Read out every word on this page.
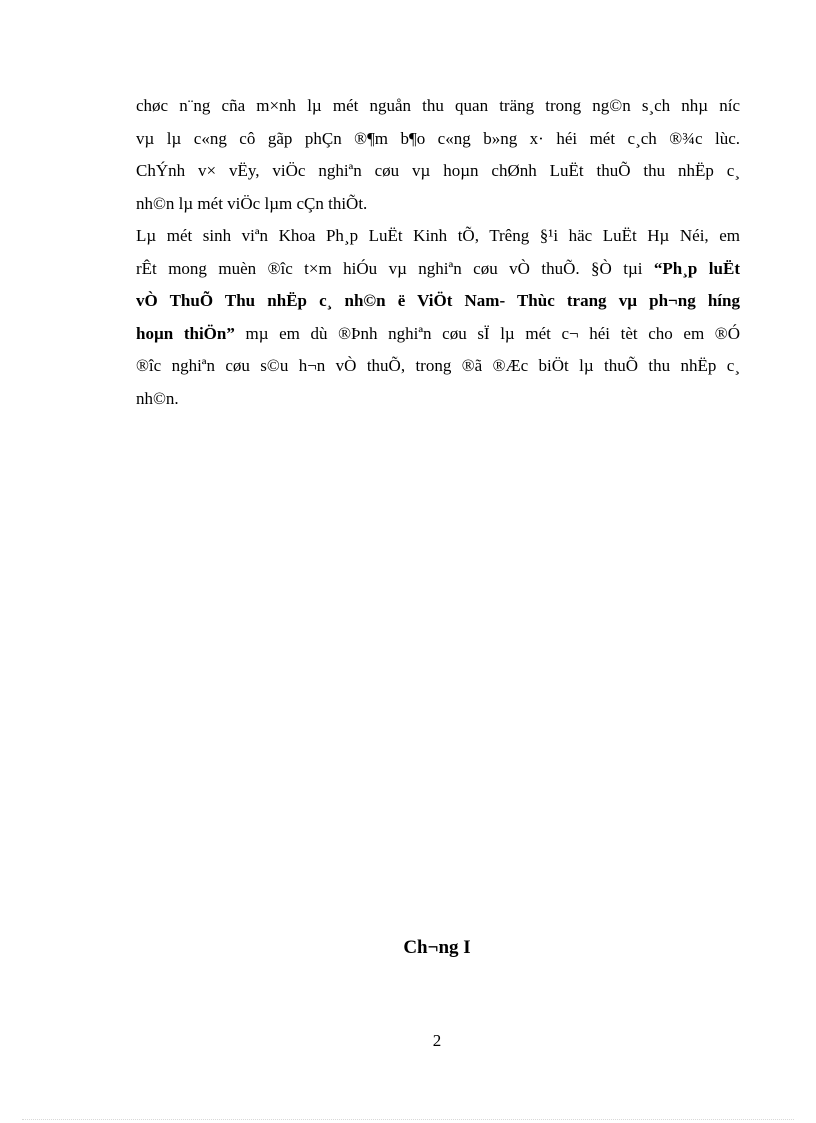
chøc n¨ng cña m×nh lµ mét nguån thu quan träng trong ng©n s¸ch nhµ níc
vµ lµ c«ng cô gãp phÇn ®¶m b¶o c«ng b»ng x· héi mét c¸ch ®¾c lùc.
ChÝnh v× vËy, viÖc nghiªn cøu vµ hoµn chØnh LuËt thuÕ thu nhËp c¸
nh©n lµ mét viÖc lµm cÇn thiÕt.

Lµ mét sinh viªn Khoa Ph¸p LuËt Kinh tÕ, Trêng §¹i häc LuËt Hµ Néi, em
rÊt mong muèn ®îc t×m hiÓu vµ nghiªn cøu vÒ thuÕ. §Ò tµi “Ph¸p luËt
vÒ ThuÕ Thu nhËp c¸ nh©n ë ViÖt Nam- Thùc trang vµ ph¬ng híng
hoµn thiÖn” mµ em dù ®Þnh nghiªn cøu sÏ lµ mét c¬ héi tèt cho em ®Ó
®îc nghiªn cøu s©u h¬n vÒ thuÕ, trong ®ã ®Æc biÖt lµ thuÕ thu nhËp c¸
nh©n.

Ch¬ng I
2
